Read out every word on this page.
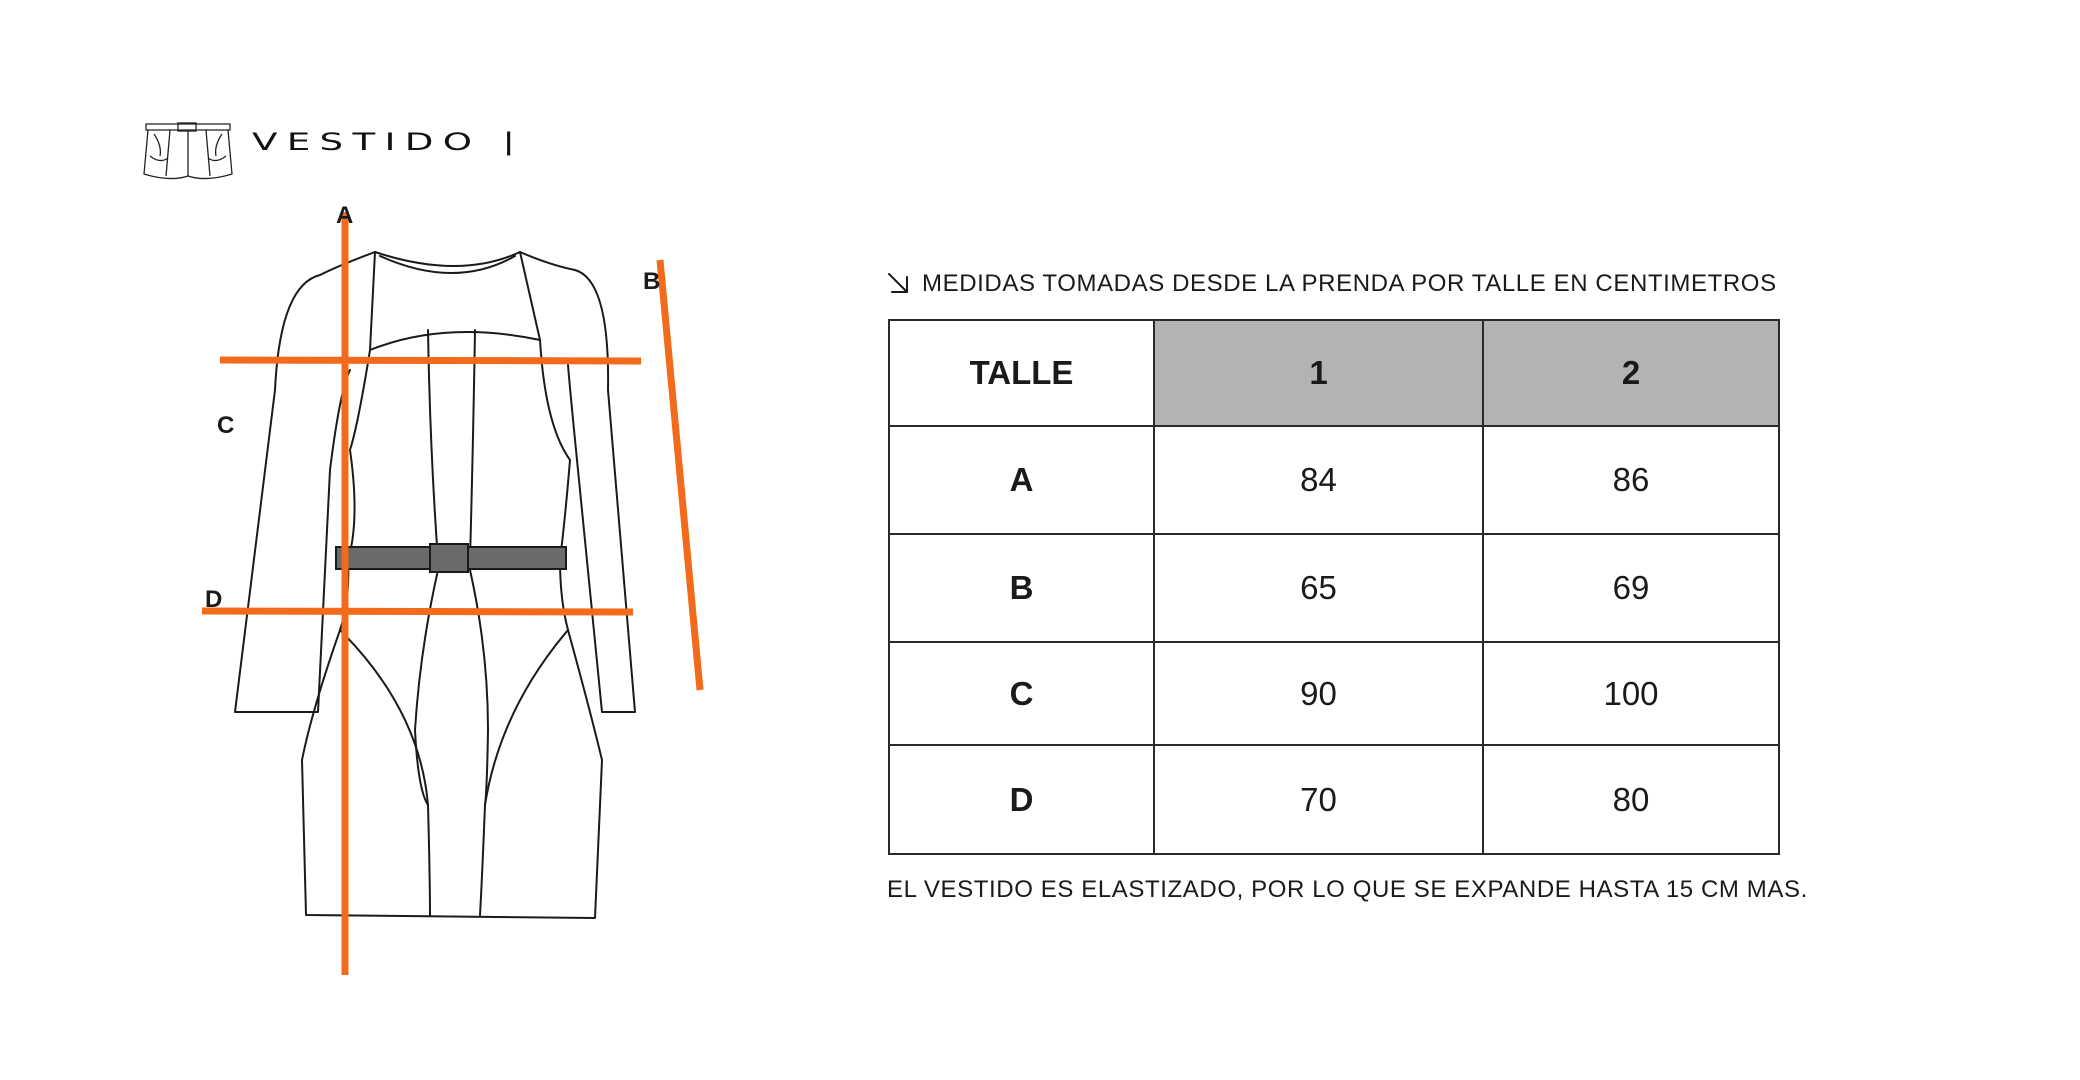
VESTIDO |
A
B
C
D
MEDIDAS TOMADAS DESDE LA PRENDA POR TALLE EN CENTIMETROS
TALLE	1	2
A	84	86
B	65	69
C	90	100
D	70	80
EL VESTIDO ES ELASTIZADO, POR LO QUE SE EXPANDE HASTA 15 CM MAS.
